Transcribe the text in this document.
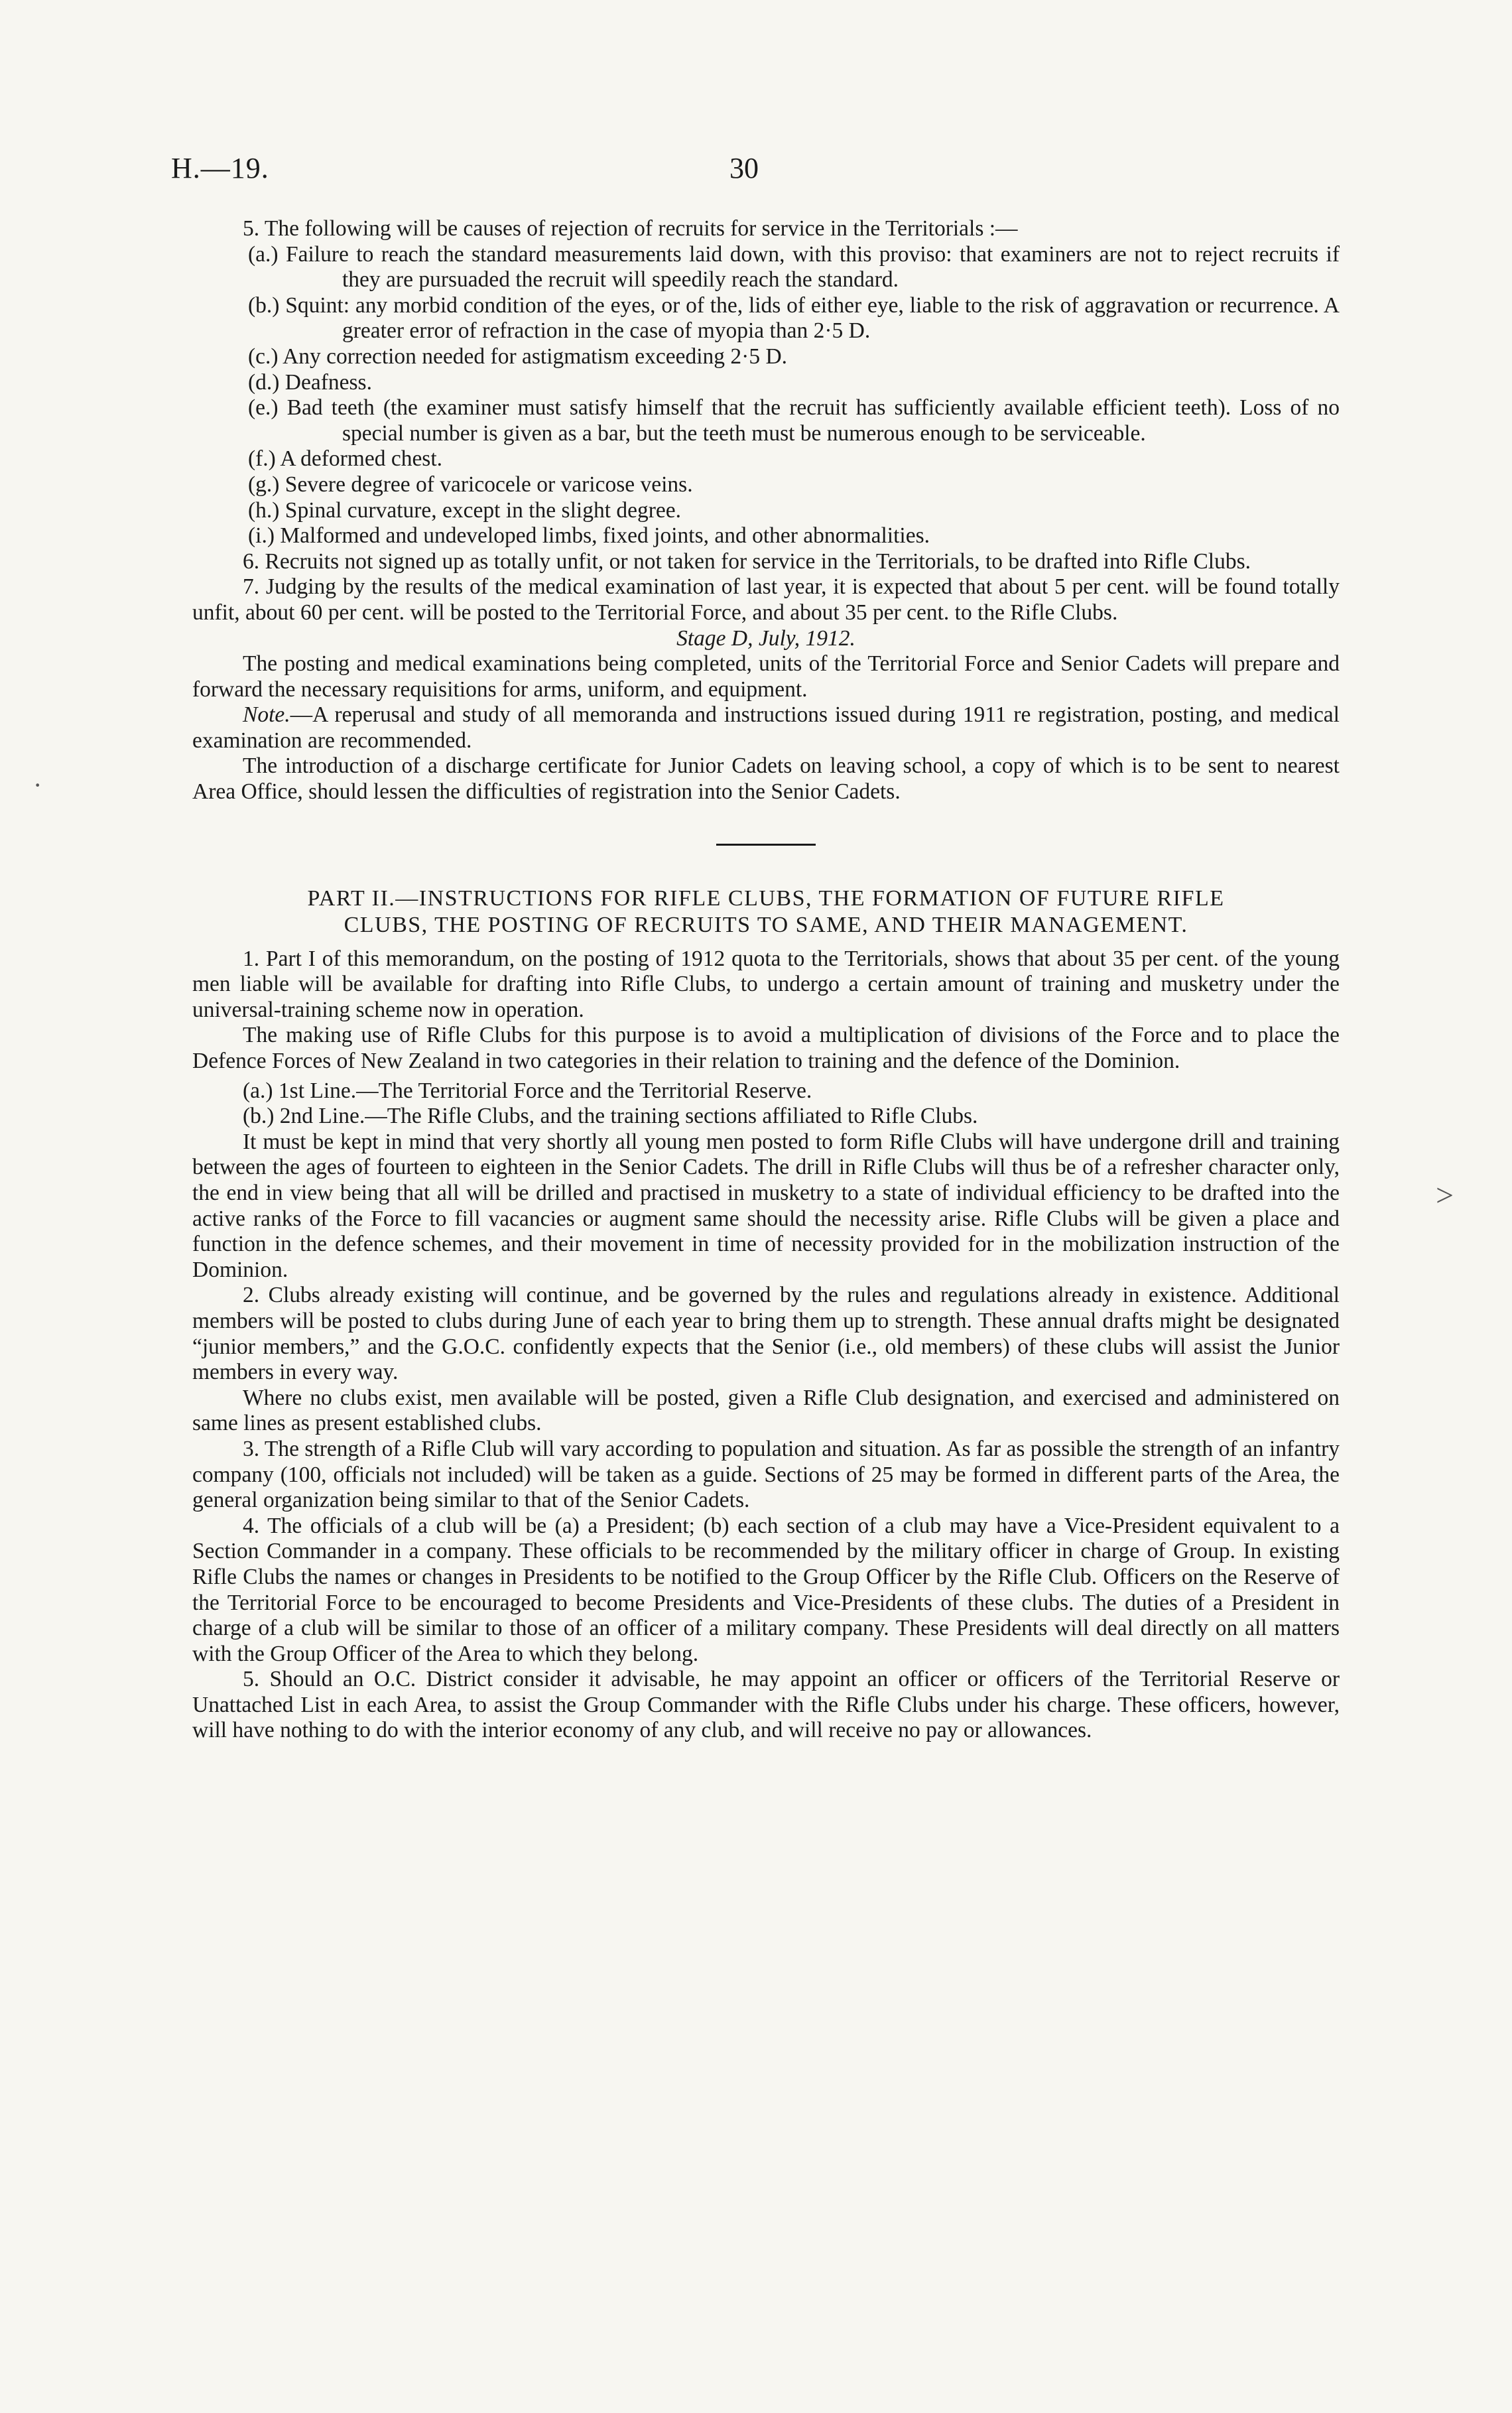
H.—19.	30

5. The following will be causes of rejection of recruits for service in the Territorials :—

(a.) Failure to reach the standard measurements laid down, with this proviso: that examiners are not to reject recruits if they are pursuaded the recruit will speedily reach the standard.

(b.) Squint: any morbid condition of the eyes, or of the, lids of either eye, liable to the risk of aggravation or recurrence. A greater error of refraction in the case of myopia than 2·5 D.

(c.) Any correction needed for astigmatism exceeding 2·5 D.

(d.) Deafness.

(e.) Bad teeth (the examiner must satisfy himself that the recruit has sufficiently available efficient teeth). Loss of no special number is given as a bar, but the teeth must be numerous enough to be serviceable.

(f.) A deformed chest.

(g.) Severe degree of varicocele or varicose veins.

(h.) Spinal curvature, except in the slight degree.

(i.) Malformed and undeveloped limbs, fixed joints, and other abnormalities.

6. Recruits not signed up as totally unfit, or not taken for service in the Territorials, to be drafted into Rifle Clubs.

7. Judging by the results of the medical examination of last year, it is expected that about 5 per cent. will be found totally unfit, about 60 per cent. will be posted to the Territorial Force, and about 35 per cent. to the Rifle Clubs.

Stage D, July, 1912.

The posting and medical examinations being completed, units of the Territorial Force and Senior Cadets will prepare and forward the necessary requisitions for arms, uniform, and equipment.

Note.—A reperusal and study of all memoranda and instructions issued during 1911 re registration, posting, and medical examination are recommended.

The introduction of a discharge certificate for Junior Cadets on leaving school, a copy of which is to be sent to nearest Area Office, should lessen the difficulties of registration into the Senior Cadets.

PART II.—INSTRUCTIONS FOR RIFLE CLUBS, THE FORMATION OF FUTURE RIFLE
CLUBS, THE POSTING OF RECRUITS TO SAME, AND THEIR MANAGEMENT.

1. Part I of this memorandum, on the posting of 1912 quota to the Territorials, shows that about 35 per cent. of the young men liable will be available for drafting into Rifle Clubs, to undergo a certain amount of training and musketry under the universal-training scheme now in operation.

The making use of Rifle Clubs for this purpose is to avoid a multiplication of divisions of the Force and to place the Defence Forces of New Zealand in two categories in their relation to training and the defence of the Dominion.

(a.) 1st Line.—The Territorial Force and the Territorial Reserve.

(b.) 2nd Line.—The Rifle Clubs, and the training sections affiliated to Rifle Clubs.

It must be kept in mind that very shortly all young men posted to form Rifle Clubs will have undergone drill and training between the ages of fourteen to eighteen in the Senior Cadets. The drill in Rifle Clubs will thus be of a refresher character only, the end in view being that all will be drilled and practised in musketry to a state of individual efficiency to be drafted into the active ranks of the Force to fill vacancies or augment same should the necessity arise. Rifle Clubs will be given a place and function in the defence schemes, and their movement in time of necessity provided for in the mobilization instruction of the Dominion.

2. Clubs already existing will continue, and be governed by the rules and regulations already in existence. Additional members will be posted to clubs during June of each year to bring them up to strength. These annual drafts might be designated “junior members,” and the G.O.C. confidently expects that the Senior (i.e., old members) of these clubs will assist the Junior members in every way.

Where no clubs exist, men available will be posted, given a Rifle Club designation, and exercised and administered on same lines as present established clubs.

3. The strength of a Rifle Club will vary according to population and situation. As far as possible the strength of an infantry company (100, officials not included) will be taken as a guide. Sections of 25 may be formed in different parts of the Area, the general organization being similar to that of the Senior Cadets.

4. The officials of a club will be (a) a President; (b) each section of a club may have a Vice-President equivalent to a Section Commander in a company. These officials to be recommended by the military officer in charge of Group. In existing Rifle Clubs the names or changes in Presidents to be notified to the Group Officer by the Rifle Club. Officers on the Reserve of the Territorial Force to be encouraged to become Presidents and Vice-Presidents of these clubs. The duties of a President in charge of a club will be similar to those of an officer of a military company. These Presidents will deal directly on all matters with the Group Officer of the Area to which they belong.

5. Should an O.C. District consider it advisable, he may appoint an officer or officers of the Territorial Reserve or Unattached List in each Area, to assist the Group Commander with the Rifle Clubs under his charge. These officers, however, will have nothing to do with the interior economy of any club, and will receive no pay or allowances.

·
>
